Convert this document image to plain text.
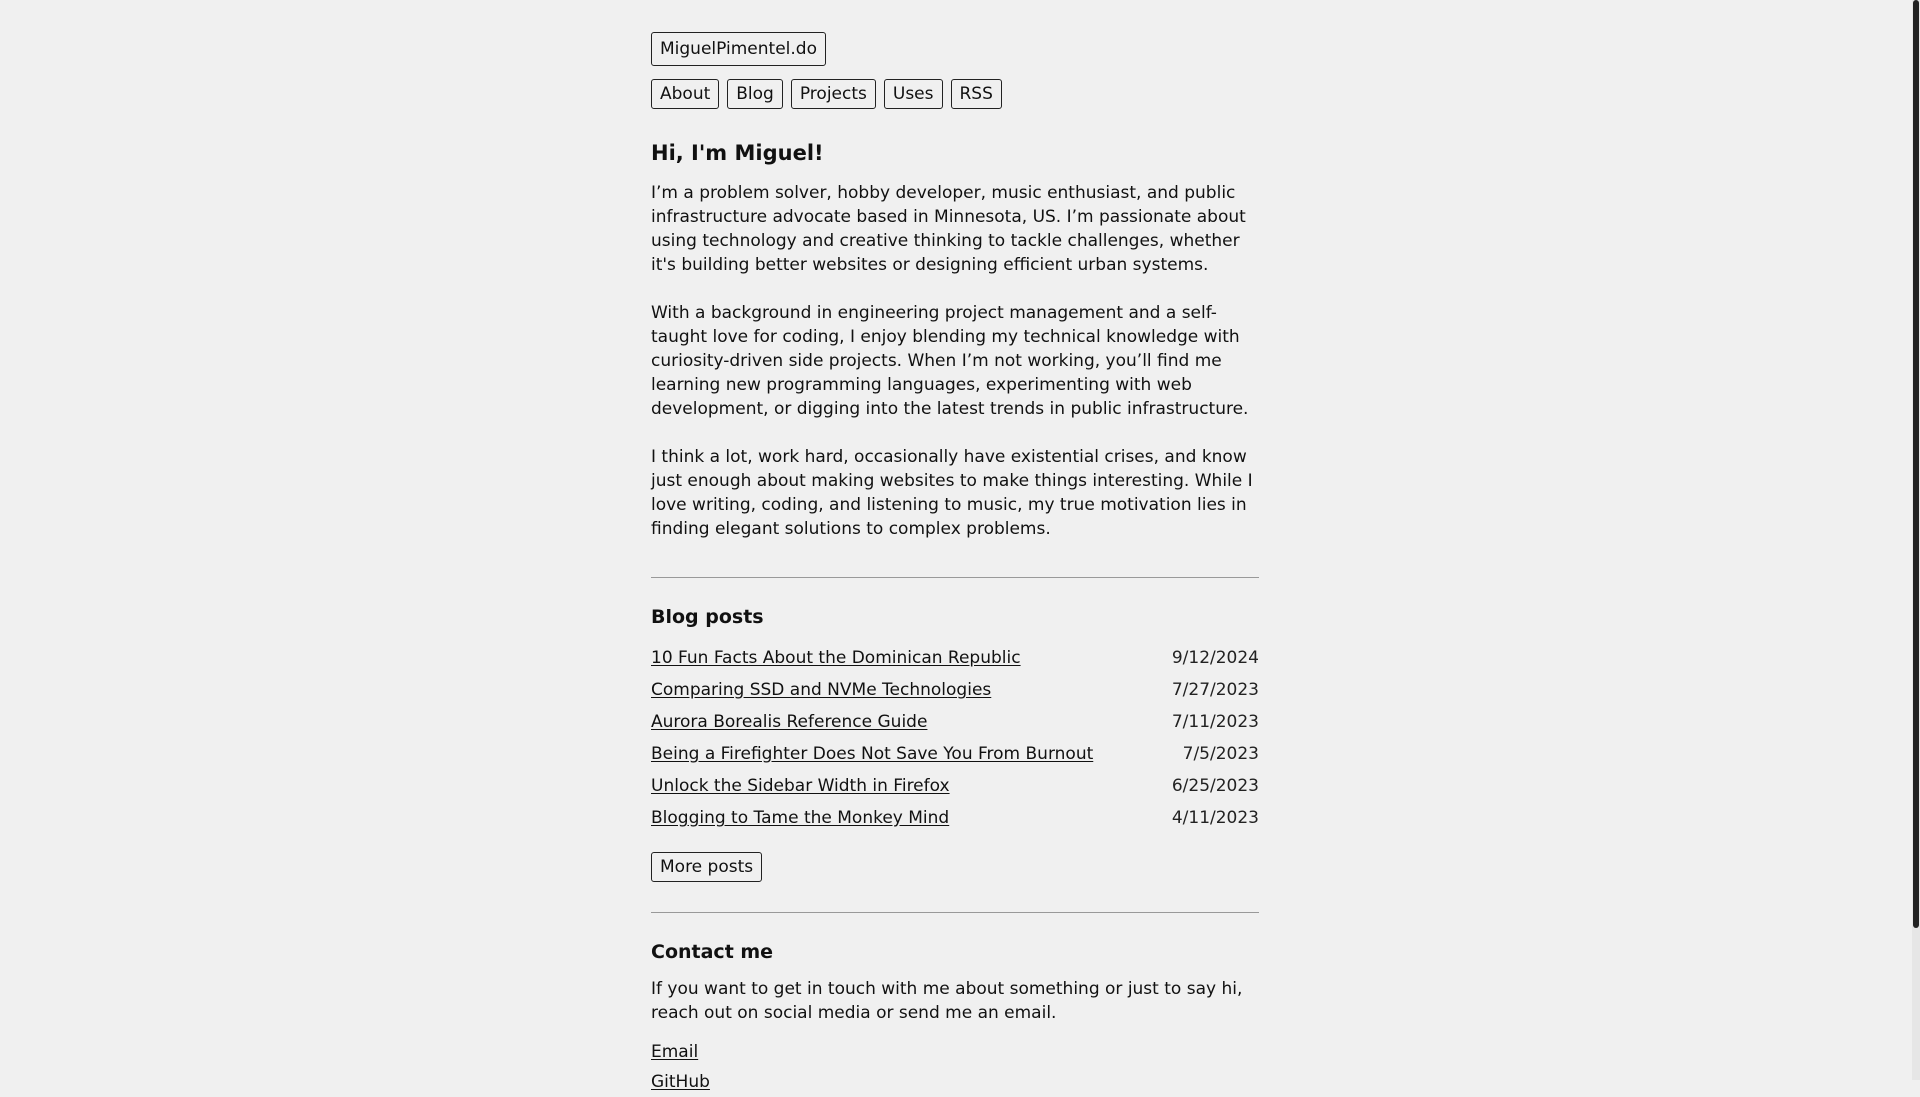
MiguelPimentel.do
About	Blog	Projects	Uses	RSS
Hi, I'm Miguel!

I’m a problem solver, hobby developer, music enthusiast, and public infrastructure advocate based in Minnesota, US. I’m passionate about using technology and creative thinking to tackle challenges, whether it's building better websites or designing efficient urban systems.

With a background in engineering project management and a self-taught love for coding, I enjoy blending my technical knowledge with curiosity-driven side projects. When I’m not working, you’ll find me learning new programming languages, experimenting with web development, or digging into the latest trends in public infrastructure.

I think a lot, work hard, occasionally have existential crises, and know just enough about making websites to make things interesting. While I love writing, coding, and listening to music, my true motivation lies in finding elegant solutions to complex problems.

Blog posts
10 Fun Facts About the Dominican Republic	9/12/2024
Comparing SSD and NVMe Technologies	7/27/2023
Aurora Borealis Reference Guide	7/11/2023
Being a Firefighter Does Not Save You From Burnout	7/5/2023
Unlock the Sidebar Width in Firefox	6/25/2023
Blogging to Tame the Monkey Mind	4/11/2023
More posts
Contact me

If you want to get in touch with me about something or just to say hi, reach out on social media or send me an email.

Email
GitHub
